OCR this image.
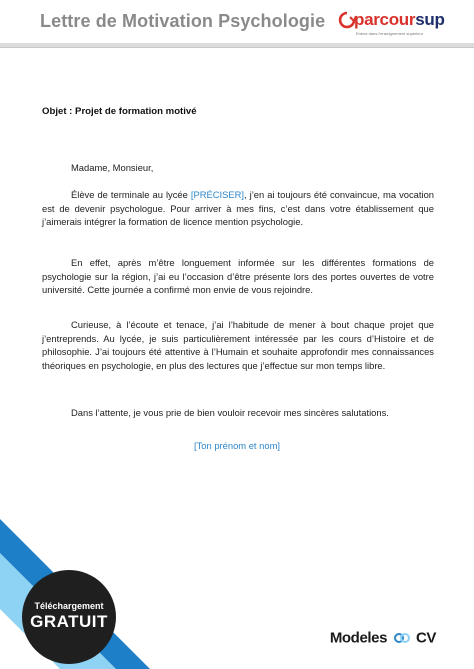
Lettre de Motivation Psychologie parcoursup
Entrez dans l'enseignement supérieur
Objet : Projet de formation motivé
Madame, Monsieur,
Élève de terminale au lycée [PRÉCISER], j’en ai toujours été convaincue, ma vocation est de devenir psychologue. Pour arriver à mes fins, c’est dans votre établissement que j’aimerais intégrer la formation de licence mention psychologie.
En effet, après m’être longuement informée sur les différentes formations de psychologie sur la région, j’ai eu l’occasion d’être présente lors des portes ouvertes de votre université. Cette journée a confirmé mon envie de vous rejoindre.
Curieuse, à l’écoute et tenace, j’ai l’habitude de mener à bout chaque projet que j’entreprends. Au lycée, je suis particulièrement intéressée par les cours d’Histoire et de philosophie. J’ai toujours été attentive à l’Humain et souhaite approfondir mes connaissances théoriques en psychologie, en plus des lectures que j’effectue sur mon temps libre.
Dans l’attente, je vous prie de bien vouloir recevoir mes sincères salutations.
[Ton prénom et nom]
Téléchargement
GRATUIT
Modeles CV
